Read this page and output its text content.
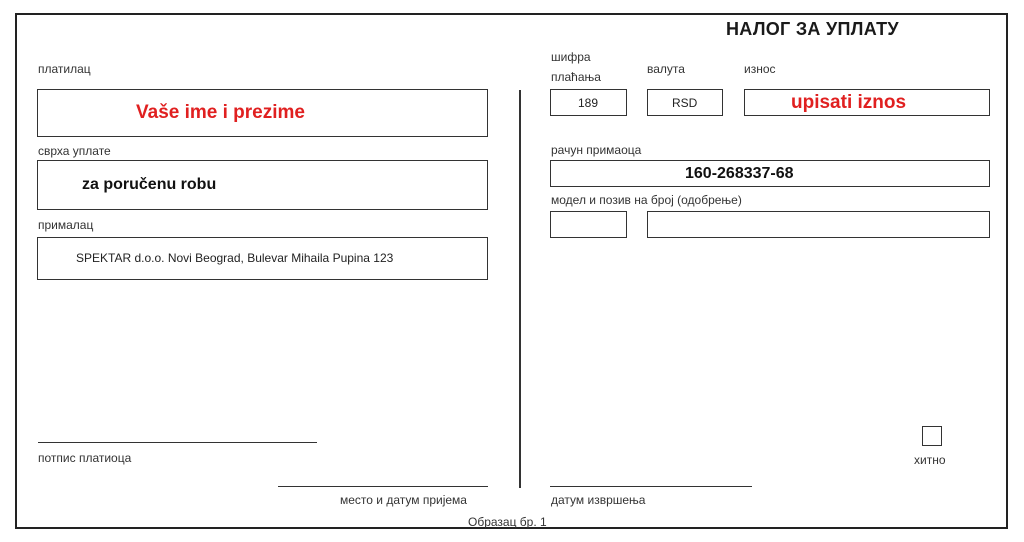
НАЛОГ ЗА УПЛАТУ
платилац
Vaše ime i prezime
сврха уплате
za poručenu robu
прималац
SPEKTAR d.o.o. Novi Beograd, Bulevar Mihaila Pupina 123
потпис платиоца
место и датум пријема
шифра
плаћања
валута	износ
189	RSD	upisati iznos
рачун примаоца
160-268337-68
модел и позив на број (одобрење)
хитно
датум извршења
Образац бр. 1
